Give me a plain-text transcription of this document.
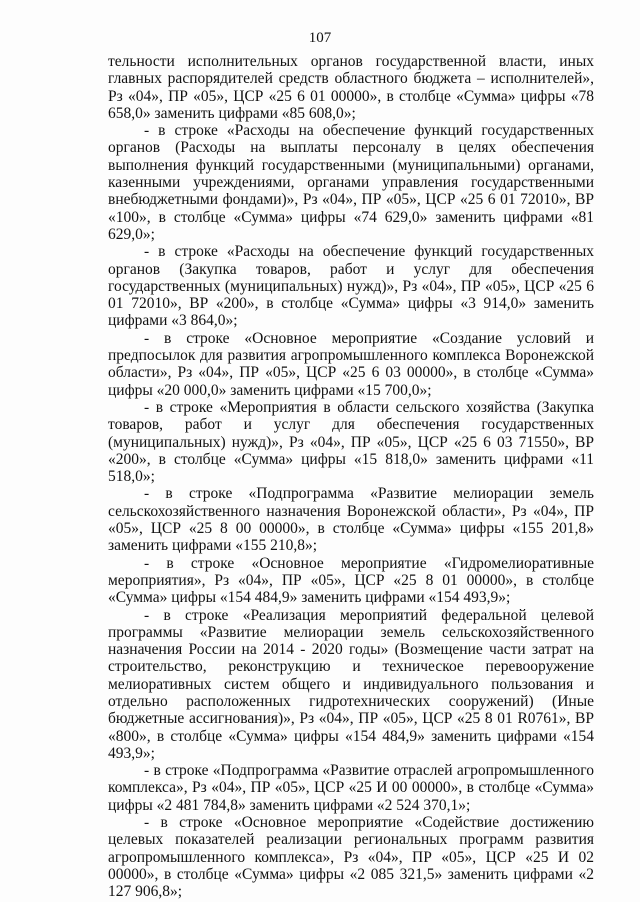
107

тельности исполнительных органов государственной власти, иных главных распорядителей средств областного бюджета – исполнителей», Рз «04», ПР «05», ЦСР «25 6 01 00000», в столбце «Сумма» цифры «78 658,0» заменить цифрами «85 608,0»;

- в строке «Расходы на обеспечение функций государственных органов (Расходы на выплаты персоналу в целях обеспечения выполнения функций государственными (муниципальными) органами, казенными учреждениями, органами управления государственными внебюджетными фондами)», Рз «04», ПР «05», ЦСР «25 6 01 72010», ВР «100», в столбце «Сумма» цифры «74 629,0» заменить цифрами «81 629,0»;

- в строке «Расходы на обеспечение функций государственных органов (Закупка товаров, работ и услуг для обеспечения государственных (муниципальных) нужд)», Рз «04», ПР «05», ЦСР «25 6 01 72010», ВР «200», в столбце «Сумма» цифры «3 914,0» заменить цифрами «3 864,0»;

- в строке «Основное мероприятие «Создание условий и предпосылок для развития агропромышленного комплекса Воронежской области», Рз «04», ПР «05», ЦСР «25 6 03 00000», в столбце «Сумма» цифры «20 000,0» заменить цифрами «15 700,0»;

- в строке «Мероприятия в области сельского хозяйства (Закупка товаров, работ и услуг для обеспечения государственных (муниципальных) нужд)», Рз «04», ПР «05», ЦСР «25 6 03 71550», ВР «200», в столбце «Сумма» цифры «15 818,0» заменить цифрами «11 518,0»;

- в строке «Подпрограмма «Развитие мелиорации земель сельскохозяйственного назначения Воронежской области», Рз «04», ПР «05», ЦСР «25 8 00 00000», в столбце «Сумма» цифры «155 201,8» заменить цифрами «155 210,8»;

- в строке «Основное мероприятие «Гидромелиоративные мероприятия», Рз «04», ПР «05», ЦСР «25 8 01 00000», в столбце «Сумма» цифры «154 484,9» заменить цифрами «154 493,9»;

- в строке «Реализация мероприятий федеральной целевой программы «Развитие мелиорации земель сельскохозяйственного назначения России на 2014 - 2020 годы» (Возмещение части затрат на строительство, реконструкцию и техническое перевооружение мелиоративных систем общего и индивидуального пользования и отдельно расположенных гидротехнических сооружений) (Иные бюджетные ассигнования)», Рз «04», ПР «05», ЦСР «25 8 01 R0761», ВР «800», в столбце «Сумма» цифры «154 484,9» заменить цифрами «154 493,9»;

- в строке «Подпрограмма «Развитие отраслей агропромышленного комплекса», Рз «04», ПР «05», ЦСР «25 И 00 00000», в столбце «Сумма» цифры «2 481 784,8» заменить цифрами «2 524 370,1»;

- в строке «Основное мероприятие «Содействие достижению целевых показателей реализации региональных программ развития агропромышленного комплекса», Рз «04», ПР «05», ЦСР «25 И 02 00000», в столбце «Сумма» цифры «2 085 321,5» заменить цифрами «2 127 906,8»;
